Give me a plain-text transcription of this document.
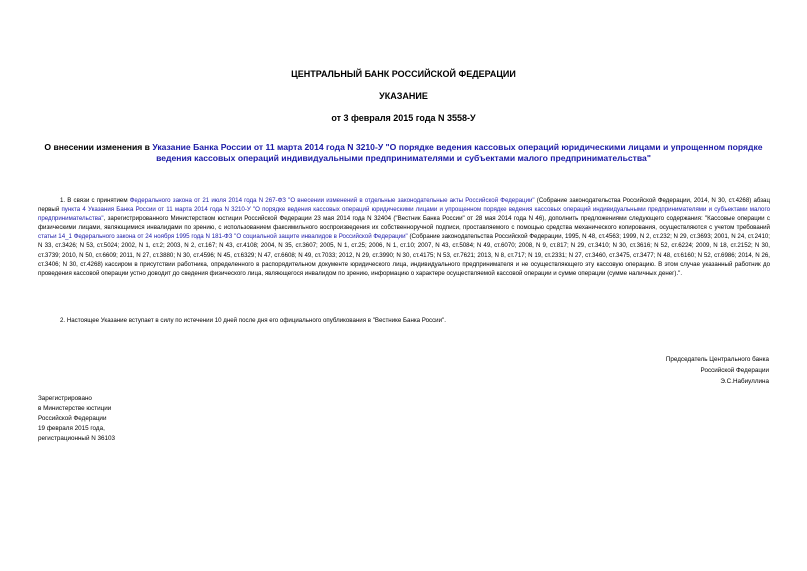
ЦЕНТРАЛЬНЫЙ БАНК РОССИЙСКОЙ ФЕДЕРАЦИИ
УКАЗАНИЕ
от 3 февраля 2015 года N 3558-У
О внесении изменения в Указание Банка России от 11 марта 2014 года N 3210-У "О порядке ведения кассовых операций юридическими лицами и упрощенном порядке ведения кассовых операций индивидуальными предпринимателями и субъектами малого предпринимательства"
1. В связи с принятием Федерального закона от 21 июля 2014 года N 267-ФЗ "О внесении изменений в отдельные законодательные акты Российской Федерации" (Собрание законодательства Российской Федерации, 2014, N 30, ст.4268) абзац первый пункта 4 Указания Банка России от 11 марта 2014 года N 3210-У "О порядке ведения кассовых операций юридическими лицами и упрощенном порядке ведения кассовых операций индивидуальными предпринимателями и субъектами малого предпринимательства", зарегистрированного Министерством юстиции Российской Федерации 23 мая 2014 года N 32404 ("Вестник Банка России" от 28 мая 2014 года N 46), дополнить предложениями следующего содержания: "Кассовые операции с физическими лицами, являющимися инвалидами по зрению, с использованием факсимильного воспроизведения их собственноручной подписи, проставляемого с помощью средства механического копирования, осуществляются с учетом требований статьи 14_1 Федерального закона от 24 ноября 1995 года N 181-ФЗ "О социальной защите инвалидов в Российской Федерации" (Собрание законодательства Российской Федерации, 1995, N 48, ст.4563; 1999, N 2, ст.232; N 29, ст.3693; 2001, N 24, ст.2410; N 33, ст.3426; N 53, ст.5024; 2002, N 1, ст.2; 2003, N 2, ст.167; N 43, ст.4108; 2004, N 35, ст.3607; 2005, N 1, ст.25; 2006, N 1, ст.10; 2007, N 43, ст.5084; N 49, ст.6070; 2008, N 9, ст.817; N 29, ст.3410; N 30, ст.3616; N 52, ст.6224; 2009, N 18, ст.2152; N 30, ст.3739; 2010, N 50, ст.6609; 2011, N 27, ст.3880; N 30, ст.4596; N 45, ст.6329; N 47, ст.6608; N 49, ст.7033; 2012, N 29, ст.3990; N 30, ст.4175; N 53, ст.7621; 2013, N 8, ст.717; N 19, ст.2331; N 27, ст.3460, ст.3475, ст.3477; N 48, ст.6160; N 52, ст.6986; 2014, N 26, ст.3406; N 30, ст.4268) кассиром в присутствии работника, определенного в распорядительном документе юридического лица, индивидуального предпринимателя и не осуществляющего эту кассовую операцию. В этом случае указанный работник до проведения кассовой операции устно доводит до сведения физического лица, являющегося инвалидом по зрению, информацию о характере осуществляемой кассовой операции и сумме операции (сумме наличных денег).".
2. Настоящее Указание вступает в силу по истечении 10 дней после дня его официального опубликования в "Вестнике Банка России".
Председатель Центрального банка
Российской Федерации
Э.С.Набиуллина
Зарегистрировано
в Министерстве юстиции
Российской Федерации
19 февраля 2015 года,
регистрационный N 36103
